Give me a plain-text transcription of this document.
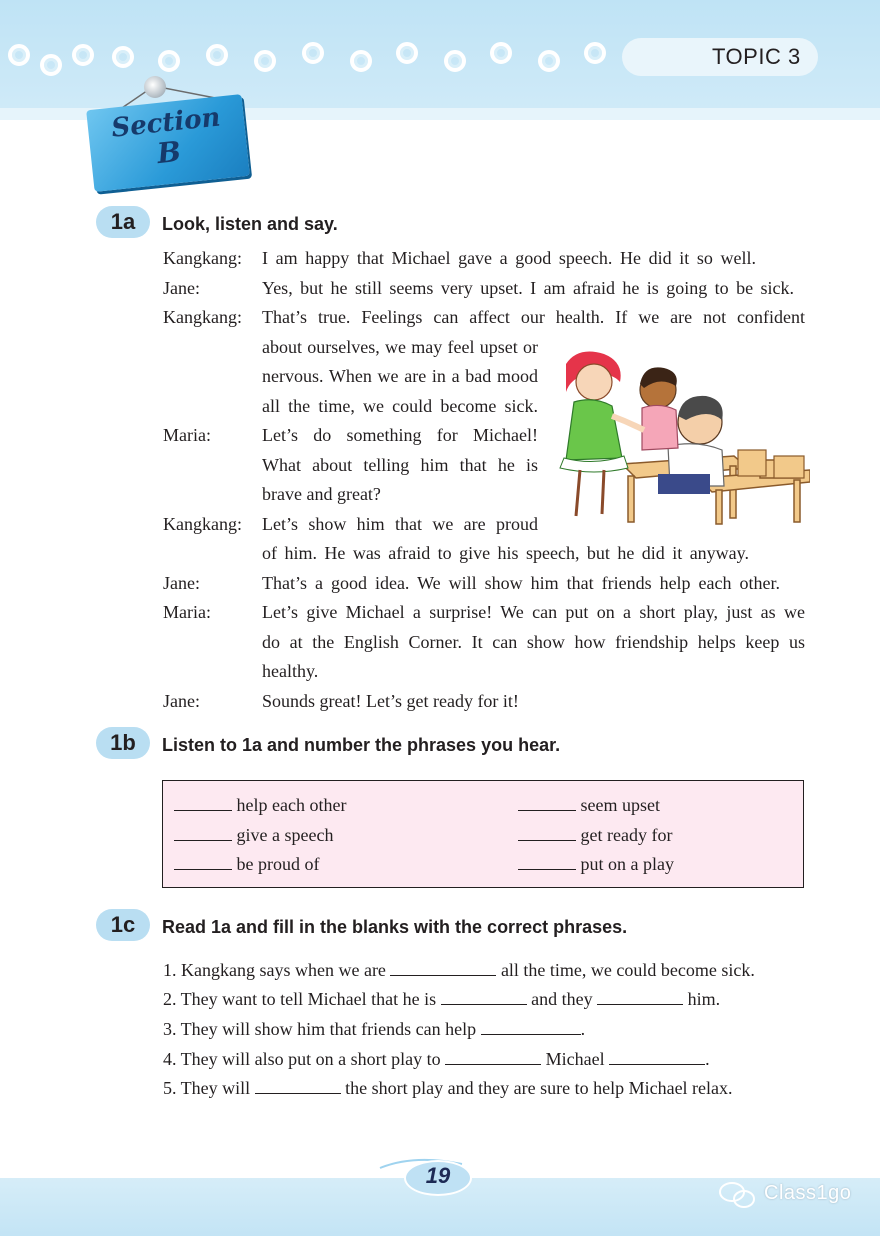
TOPIC 3
Section
B
1a	Look, listen and say.
Kangkang: I am happy that Michael gave a good speech. He did it so well.
Jane:	Yes, but he still seems very upset. I am afraid he is going to be sick.
Kangkang: That’s true. Feelings can affect our health. If we are not confident
about ourselves, we may feel upset or
nervous. When we are in a bad mood
all the time, we could become sick.
Maria:	Let’s do something for Michael!
What about telling him that he is
brave and great?
Kangkang: Let’s show him that we are proud
of him. He was afraid to give his speech, but he did it anyway.
Jane:	That’s a good idea. We will show him that friends help each other.
Maria:	Let’s give Michael a surprise! We can put on a short play, just as we
do at the English Corner. It can show how friendship helps keep us
healthy.
Jane:	Sounds great! Let’s get ready for it!
1b	Listen to 1a and number the phrases you hear.
help each other
give a speech
be proud of
seem upset
get ready for
put on a play
1c	Read 1a and fill in the blanks with the correct phrases.
1. Kangkang says when we are	all the time, we could become sick.
2. They want to tell Michael that he is	and they	him.
3. They will show him that friends can help	.
4. They will also put on a short play to	Michael	.
5. They will	the short play and they are sure to help Michael relax.
19
Class1go
